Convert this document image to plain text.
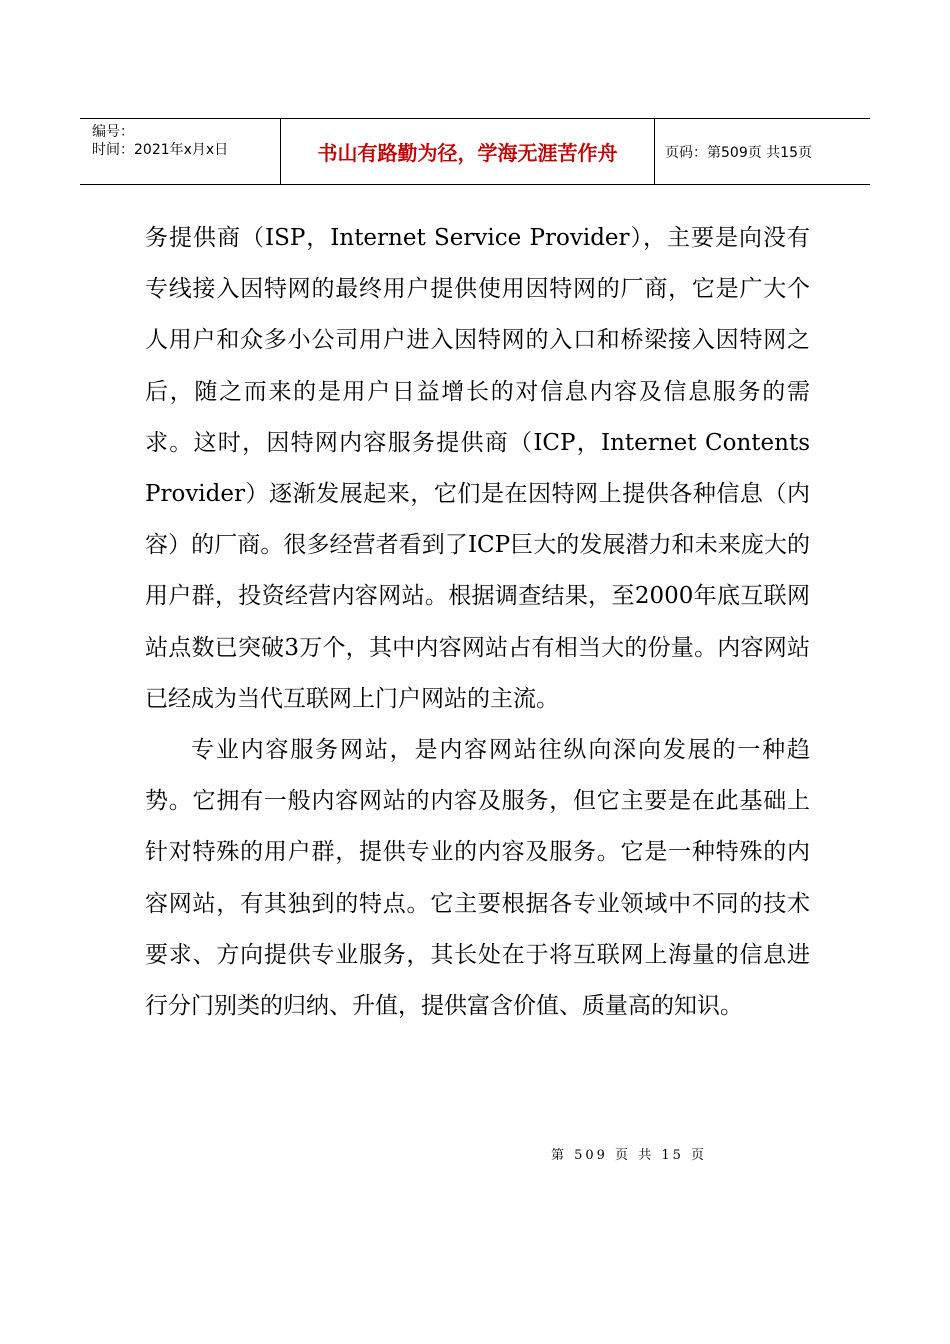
编号：
时间：2021年x月x日	书山有路勤为径，学海无涯苦作舟	页码：第509页 共15页

务提供商（ISP，Internet Service Provider），主要是向没有专线接入因特网的最终用户提供使用因特网的厂商，它是广大个人用户和众多小公司用户进入因特网的入口和桥梁接入因特网之后，随之而来的是用户日益增长的对信息内容及信息服务的需求。这时，因特网内容服务提供商（ICP，Internet Contents Provider）逐渐发展起来，它们是在因特网上提供各种信息（内容）的厂商。很多经营者看到了ICP巨大的发展潜力和未来庞大的用户群，投资经营内容网站。根据调查结果，至2000年底互联网站点数已突破3万个，其中内容网站占有相当大的份量。内容网站已经成为当代互联网上门户网站的主流。

专业内容服务网站，是内容网站往纵向深向发展的一种趋势。它拥有一般内容网站的内容及服务，但它主要是在此基础上针对特殊的用户群，提供专业的内容及服务。它是一种特殊的内容网站，有其独到的特点。它主要根据各专业领域中不同的技术要求、方向提供专业服务，其长处在于将互联网上海量的信息进行分门别类的归纳、升值，提供富含价值、质量高的知识。

第 509 页 共 15 页
